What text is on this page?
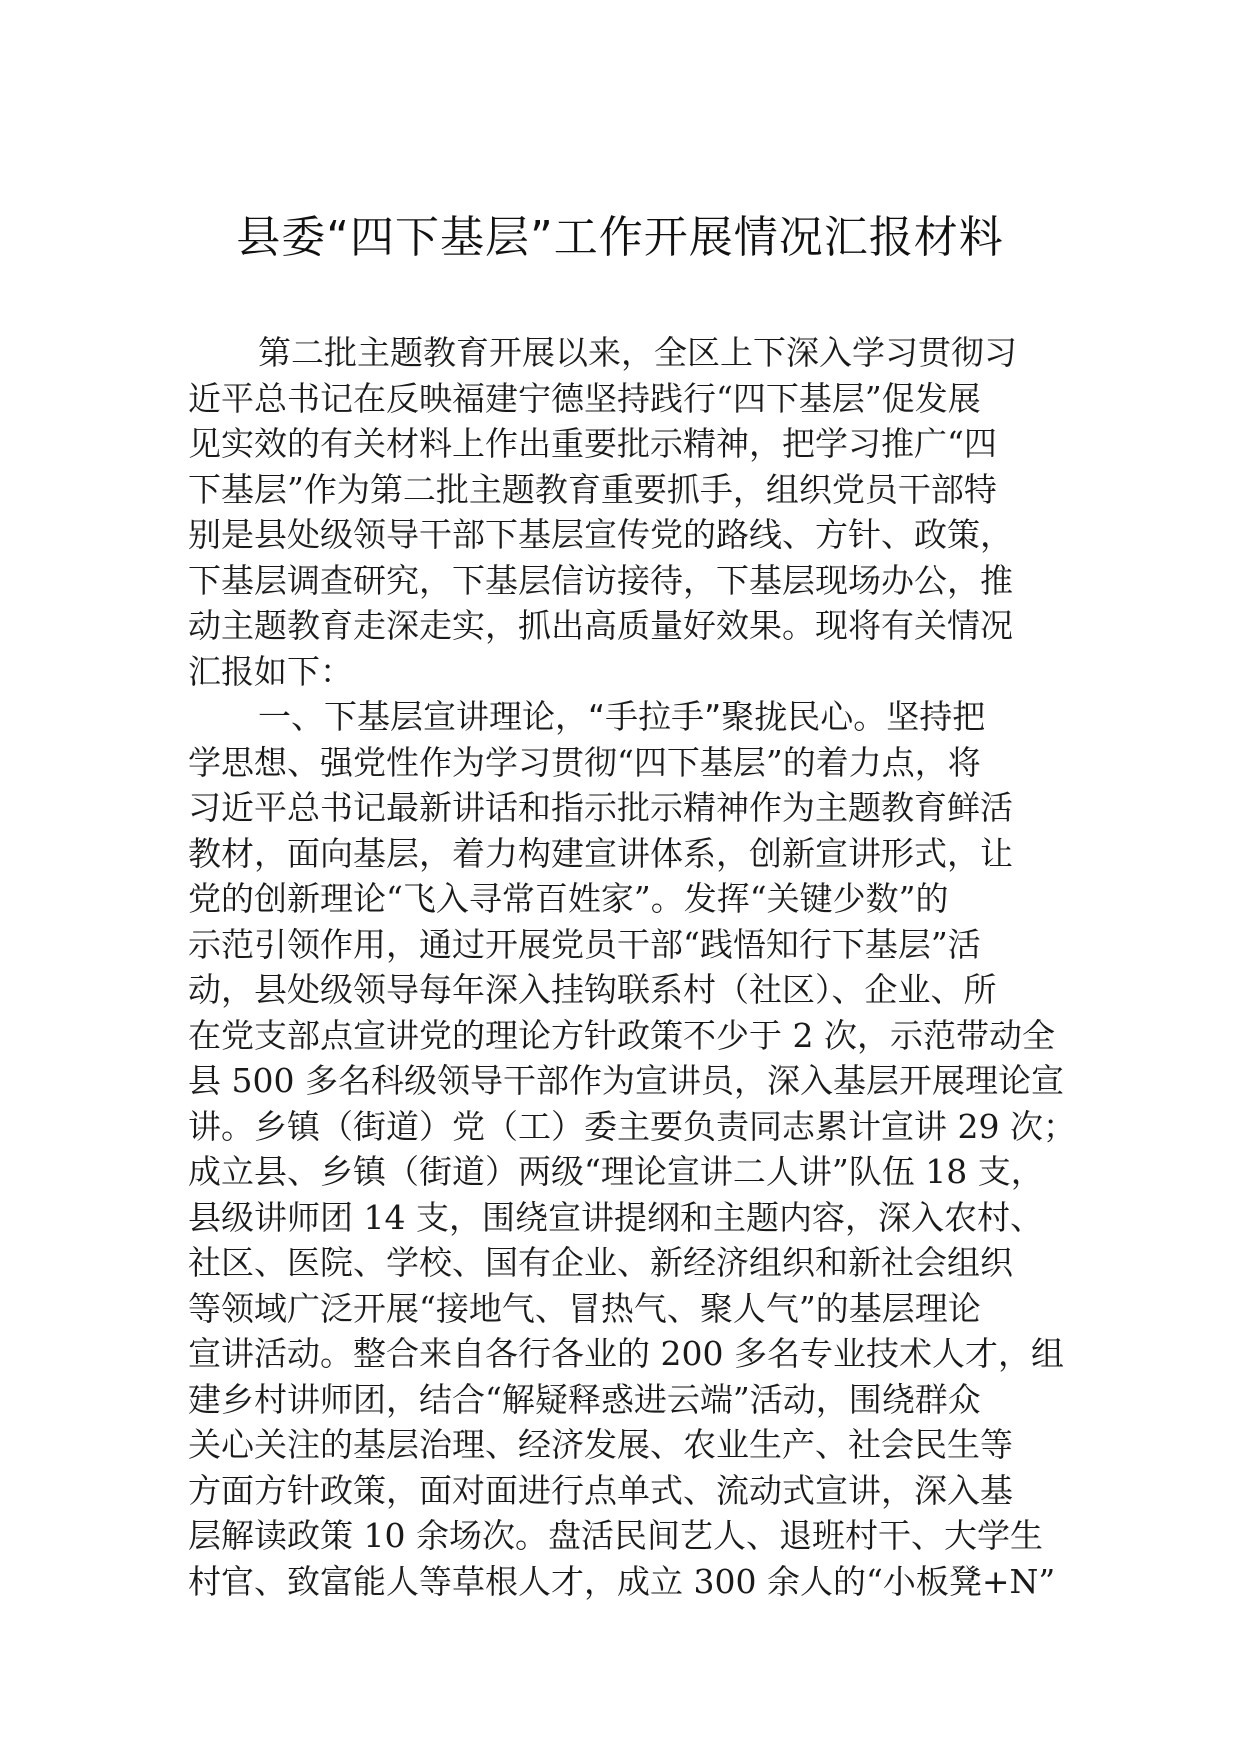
县委“四下基层”工作开展情况汇报材料
第二批主题教育开展以来，全区上下深入学习贯彻习
近平总书记在反映福建宁德坚持践行“四下基层”促发展
见实效的有关材料上作出重要批示精神，把学习推广“四
下基层”作为第二批主题教育重要抓手，组织党员干部特
别是县处级领导干部下基层宣传党的路线、方针、政策，
下基层调查研究，下基层信访接待，下基层现场办公，推
动主题教育走深走实，抓出高质量好效果。现将有关情况
汇报如下：
一、下基层宣讲理论，“手拉手”聚拢民心。坚持把
学思想、强党性作为学习贯彻“四下基层”的着力点，将
习近平总书记最新讲话和指示批示精神作为主题教育鲜活
教材，面向基层，着力构建宣讲体系，创新宣讲形式，让
党的创新理论“飞入寻常百姓家”。发挥“关键少数”的
示范引领作用，通过开展党员干部“践悟知行下基层”活
动，县处级领导每年深入挂钩联系村（社区）、企业、所
在党支部点宣讲党的理论方针政策不少于 2 次，示范带动全
县 500 多名科级领导干部作为宣讲员，深入基层开展理论宣
讲。乡镇（街道）党（工）委主要负责同志累计宣讲 29 次；
成立县、乡镇（街道）两级“理论宣讲二人讲”队伍 18 支，
县级讲师团 14 支，围绕宣讲提纲和主题内容，深入农村、
社区、医院、学校、国有企业、新经济组织和新社会组织
等领域广泛开展“接地气、冒热气、聚人气”的基层理论
宣讲活动。整合来自各行各业的 200 多名专业技术人才，组
建乡村讲师团，结合“解疑释惑进云端”活动，围绕群众
关心关注的基层治理、经济发展、农业生产、社会民生等
方面方针政策，面对面进行点单式、流动式宣讲，深入基
层解读政策 10 余场次。盘活民间艺人、退班村干、大学生
村官、致富能人等草根人才，成立 300 余人的“小板凳+N”
